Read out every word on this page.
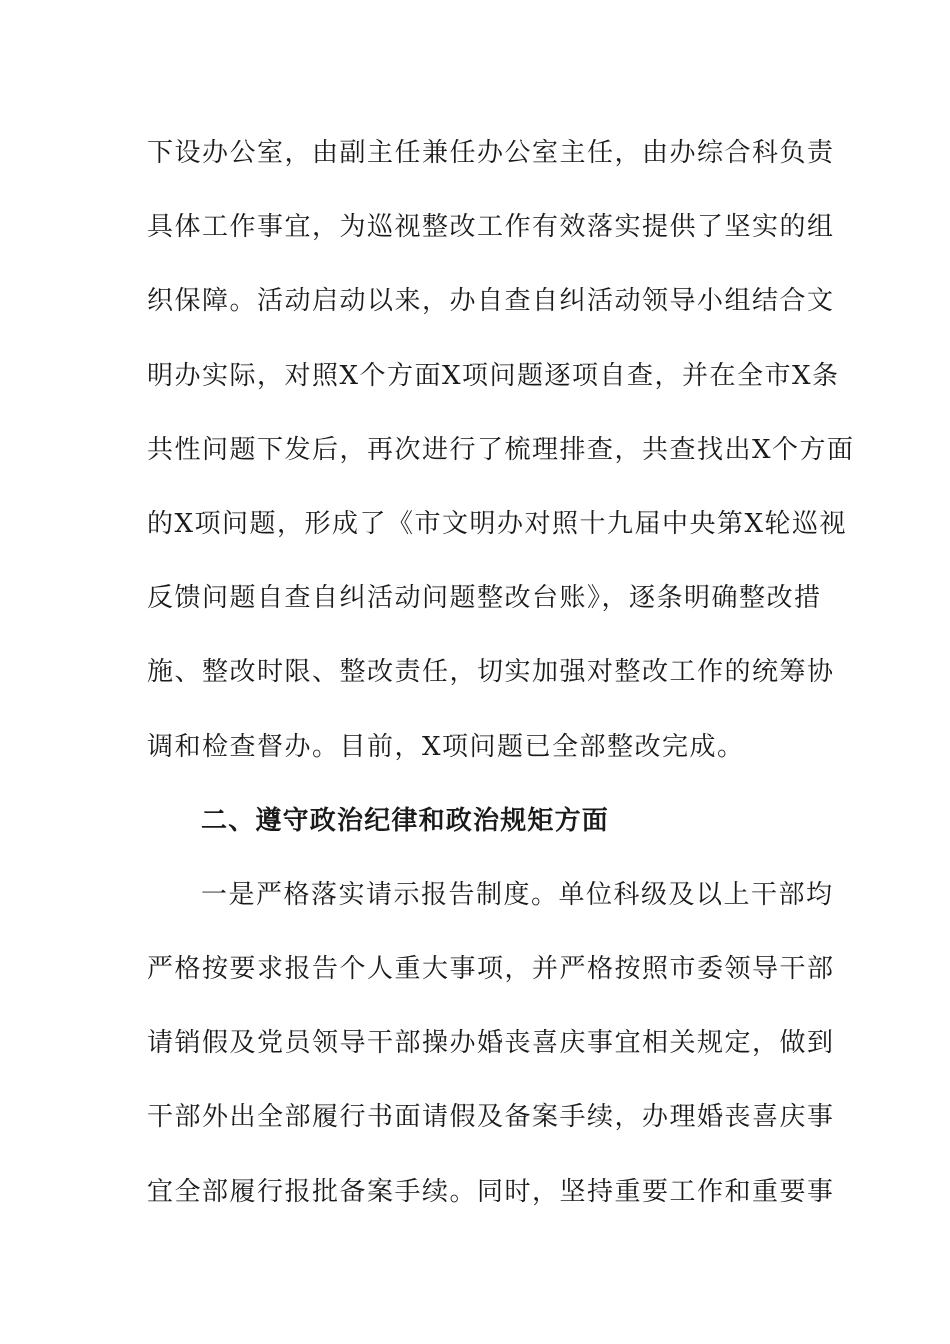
下设办公室，由副主任兼任办公室主任，由办综合科负责
具体工作事宜，为巡视整改工作有效落实提供了坚实的组
织保障。活动启动以来，办自查自纠活动领导小组结合文
明办实际，对照X个方面X项问题逐项自查，并在全市X条
共性问题下发后，再次进行了梳理排查，共查找出X个方面
的X项问题，形成了《市文明办对照十九届中央第X轮巡视
反馈问题自查自纠活动问题整改台账》，逐条明确整改措
施、整改时限、整改责任，切实加强对整改工作的统筹协
调和检查督办。目前，X项问题已全部整改完成。
二、遵守政治纪律和政治规矩方面
一是严格落实请示报告制度。单位科级及以上干部均
严格按要求报告个人重大事项，并严格按照市委领导干部
请销假及党员领导干部操办婚丧喜庆事宜相关规定，做到
干部外出全部履行书面请假及备案手续，办理婚丧喜庆事
宜全部履行报批备案手续。同时，坚持重要工作和重要事
